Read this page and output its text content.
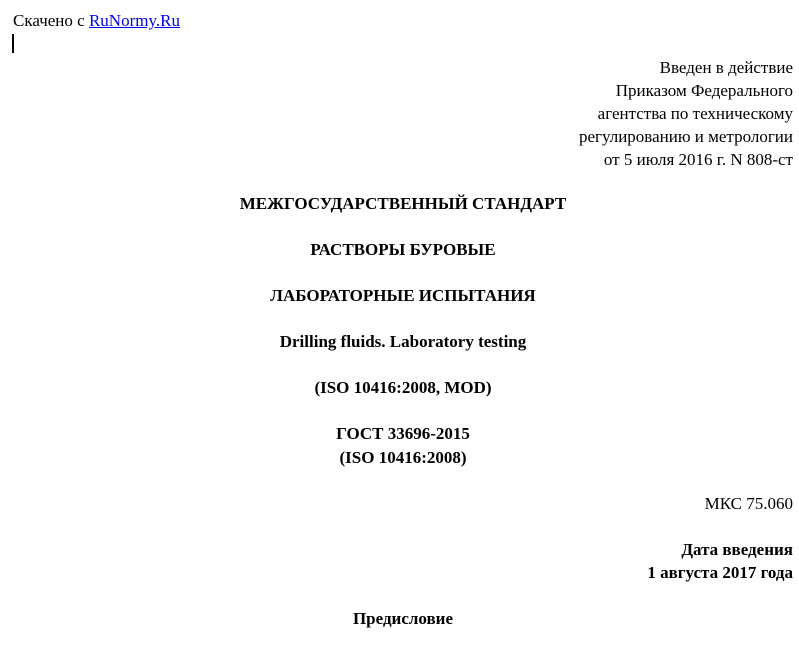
Скачено с RuNormy.Ru
Введен в действие
Приказом Федерального
агентства по техническому
регулированию и метрологии
от 5 июля 2016 г. N 808-ст
МЕЖГОСУДАРСТВЕННЫЙ СТАНДАРТ
РАСТВОРЫ БУРОВЫЕ
ЛАБОРАТОРНЫЕ ИСПЫТАНИЯ
Drilling fluids. Laboratory testing
(ISO 10416:2008, MOD)
ГОСТ 33696-2015
(ISO 10416:2008)
МКС 75.060
Дата введения
1 августа 2017 года
Предисловие
